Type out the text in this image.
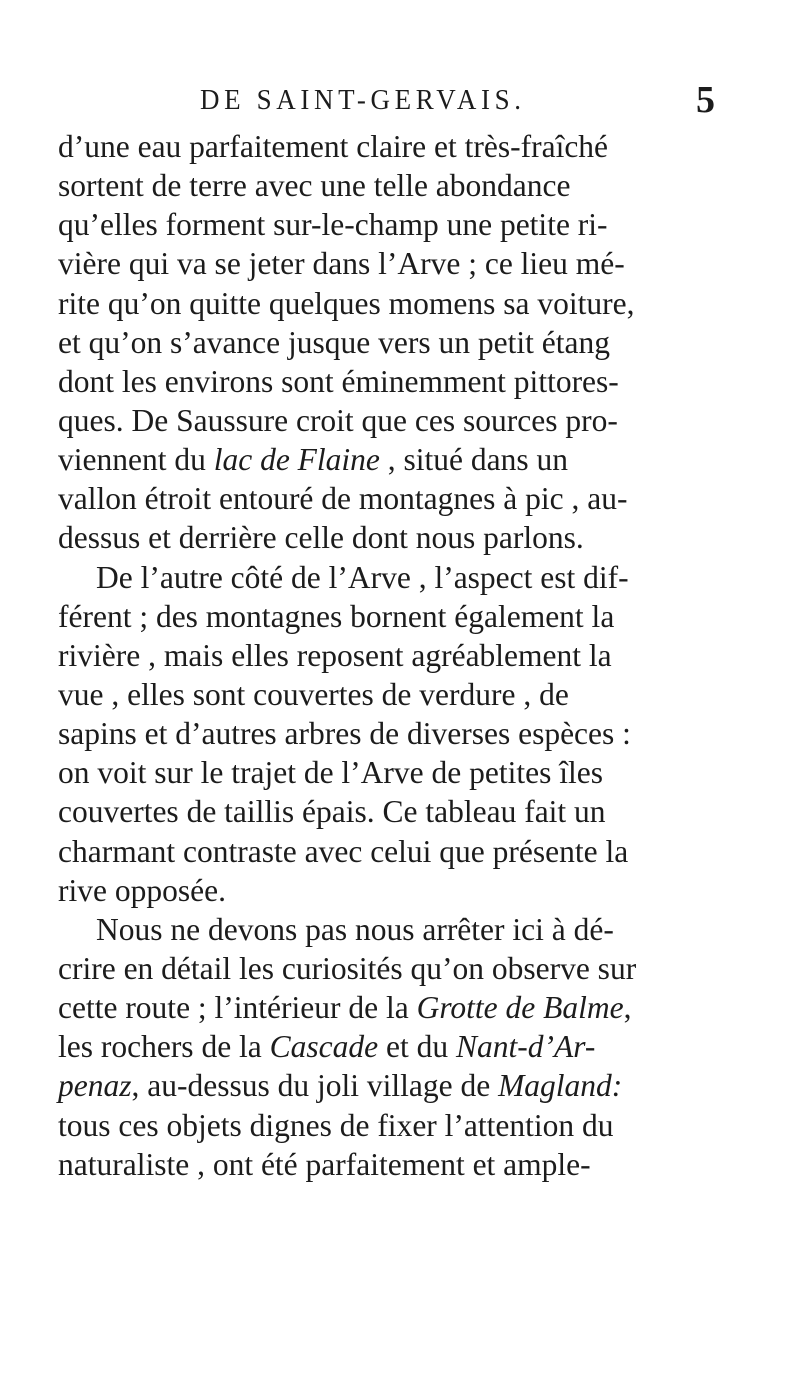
DE SAINT-GERVAIS.	5
d’une eau parfaitement claire et très-fraîché
sortent de terre avec une telle abondance
qu’elles forment sur-le-champ une petite ri-
vière qui va se jeter dans l’Arve ; ce lieu mé-
rite qu’on quitte quelques momens sa voiture,
et qu’on s’avance jusque vers un petit étang
dont les environs sont éminemment pittores-
ques. De Saussure croit que ces sources pro-
viennent du lac de Flaine , situé dans un
vallon étroit entouré de montagnes à pic , au-
dessus et derrière celle dont nous parlons.
De l’autre côté de l’Arve , l’aspect est dif-
férent ; des montagnes bornent également la
rivière , mais elles reposent agréablement la
vue , elles sont couvertes de verdure , de
sapins et d’autres arbres de diverses espèces :
on voit sur le trajet de l’Arve de petites îles
couvertes de taillis épais. Ce tableau fait un
charmant contraste avec celui que présente la
rive opposée.
Nous ne devons pas nous arrêter ici à dé-
crire en détail les curiosités qu’on observe sur
cette route ; l’intérieur de la Grotte de Balme,
les rochers de la Cascade et du Nant-d’Ar-
penaz, au-dessus du joli village de Magland:
tous ces objets dignes de fixer l’attention du
naturaliste , ont été parfaitement et ample-
